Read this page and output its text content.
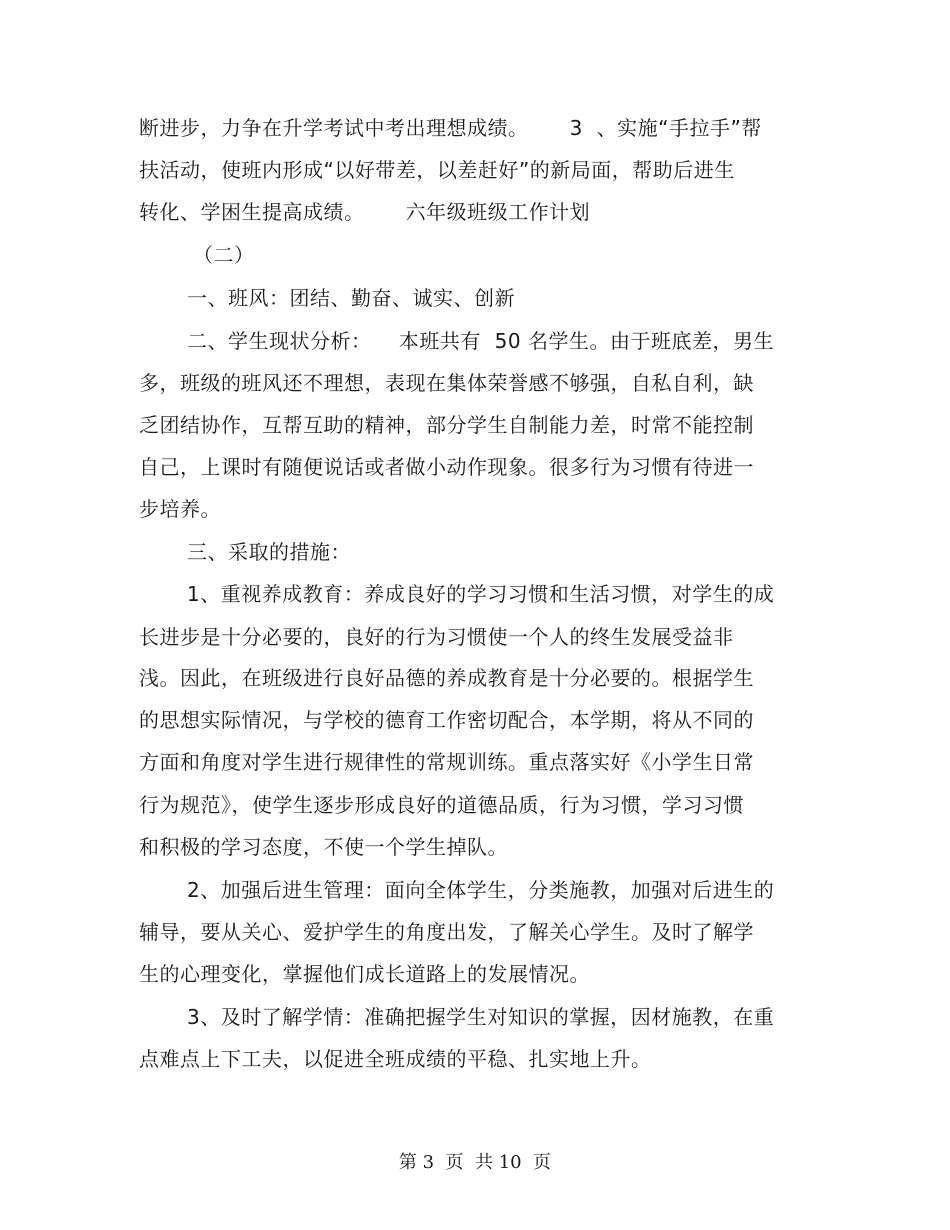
断进步，力争在升学考试中考出理想成绩。      3  、实施“手拉手”帮
扶活动，使班内形成“以好带差，以差赶好”的新局面，帮助后进生
转化、学困生提高成绩。      六年级班级工作计划
（二）
一、班风：团结、勤奋、诚实、创新
二、学生现状分析：    本班共有  50 名学生。由于班底差，男生
多，班级的班风还不理想，表现在集体荣誉感不够强，自私自利，缺
乏团结协作，互帮互助的精神，部分学生自制能力差，时常不能控制
自己，上课时有随便说话或者做小动作现象。很多行为习惯有待进一
步培养。
三、采取的措施：
1、重视养成教育：养成良好的学习习惯和生活习惯，对学生的成
长进步是十分必要的，良好的行为习惯使一个人的终生发展受益非
浅。因此，在班级进行良好品德的养成教育是十分必要的。根据学生
的思想实际情况，与学校的德育工作密切配合，本学期，将从不同的
方面和角度对学生进行规律性的常规训练。重点落实好《小学生日常
行为规范》，使学生逐步形成良好的道德品质，行为习惯，学习习惯
和积极的学习态度，不使一个学生掉队。
2、加强后进生管理：面向全体学生，分类施教，加强对后进生的
辅导，要从关心、爱护学生的角度出发，了解关心学生。及时了解学
生的心理变化，掌握他们成长道路上的发展情况。
3、及时了解学情：准确把握学生对知识的掌握，因材施教，在重
点难点上下工夫，以促进全班成绩的平稳、扎实地上升。
第 3  页  共 10  页
